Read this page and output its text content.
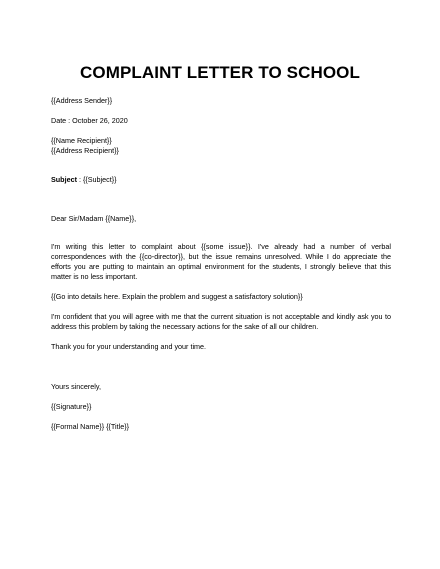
COMPLAINT LETTER TO SCHOOL

{{Address Sender}}

Date : October 26, 2020

{{Name Recipient}}

{{Address Recipient}}

Subject : {{Subject}}

Dear Sir/Madam {{Name}},

I'm writing this letter to complaint about {{some issue}}. I've already had a number of verbal correspondences with the {{co-director}}, but the issue remains unresolved. While I do appreciate the efforts you are putting to maintain an optimal environment for the students, I strongly believe that this matter is no less important.

{{Go into details here. Explain the problem and suggest a satisfactory solution}}

I'm confident that you will agree with me that the current situation is not acceptable and kindly ask you to address this problem by taking the necessary actions for the sake of all our children.

Thank you for your understanding and your time.

Yours sincerely,

{{Signature}}

{{Formal Name}} {{Title}}
